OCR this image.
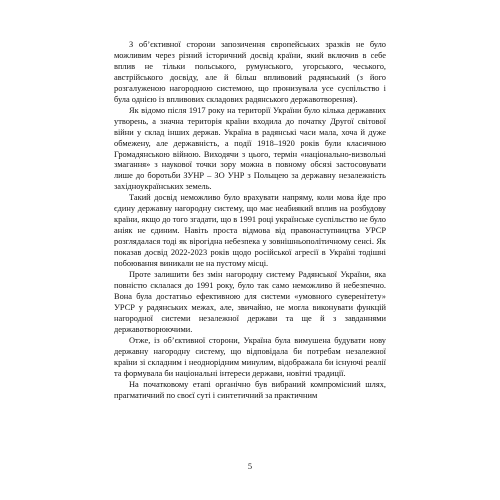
З об’єктивної сторони запозичення європейських зразків не було можливим через різний історичний досвід країни, який включив в себе вплив не тільки польського, румунського, угорського, чеського, австрійського досвіду, але й більш впливовий радянський (з його розгалуженою нагородною системою, що пронизувала усе суспільство і була однією із впливових складових радянського державотворення).

Як відомо після 1917 року на території України було кілька державних утворень, а значна територія країни входила до початку Другої світової війни у склад інших держав. Україна в радянські часи мала, хоча й дуже обмежену, але державність, а події 1918–1920 років були класичною Громадянською війною. Виходячи з цього, термін «національно-визвольні змагання» з наукової точки зору можна в повному обсязі застосовувати лише до боротьби ЗУНР – ЗО УНР з Польщею за державну незалежність західноукраїнських земель.

Такий досвід неможливо було врахувати напряму, коли мова йде про єдину державну нагородну систему, що має неабиякий вплив на розбудову країни, якщо до того згадати, що в 1991 році українське суспільство не було аніяк не єдиним. Навіть проста відмова від правонаступництва УРСР розглядалася тоді як вірогідна небезпека у зовнішньополітичному сенсі. Як показав досвід 2022-2023 років щодо російської агресії в Україні тодішні побоювання виникали не на пустому місці.

Проте залишити без змін нагородну систему Радянської України, яка повністю склалася до 1991 року, було так само неможливо й небезпечно. Вона була достатньо ефективною для системи «умовного суверенітету» УРСР у радянських межах, але, звичайно, не могла виконувати функцій нагородної системи незалежної держави та ще й з завданнями державотворюючими.

Отже, із об’єктивної сторони, Україна була вимушена будувати нову державну нагородну систему, що відповідала би потребам незалежної країни зі складним і неоднорідним минулим, відображала би існуючі реалії та формувала би національні інтереси держави, новітні традиції.

На початковому етапі органічно був вибраний компромісний шлях, прагматичний по своєї суті і синтетичний за практичним

5
